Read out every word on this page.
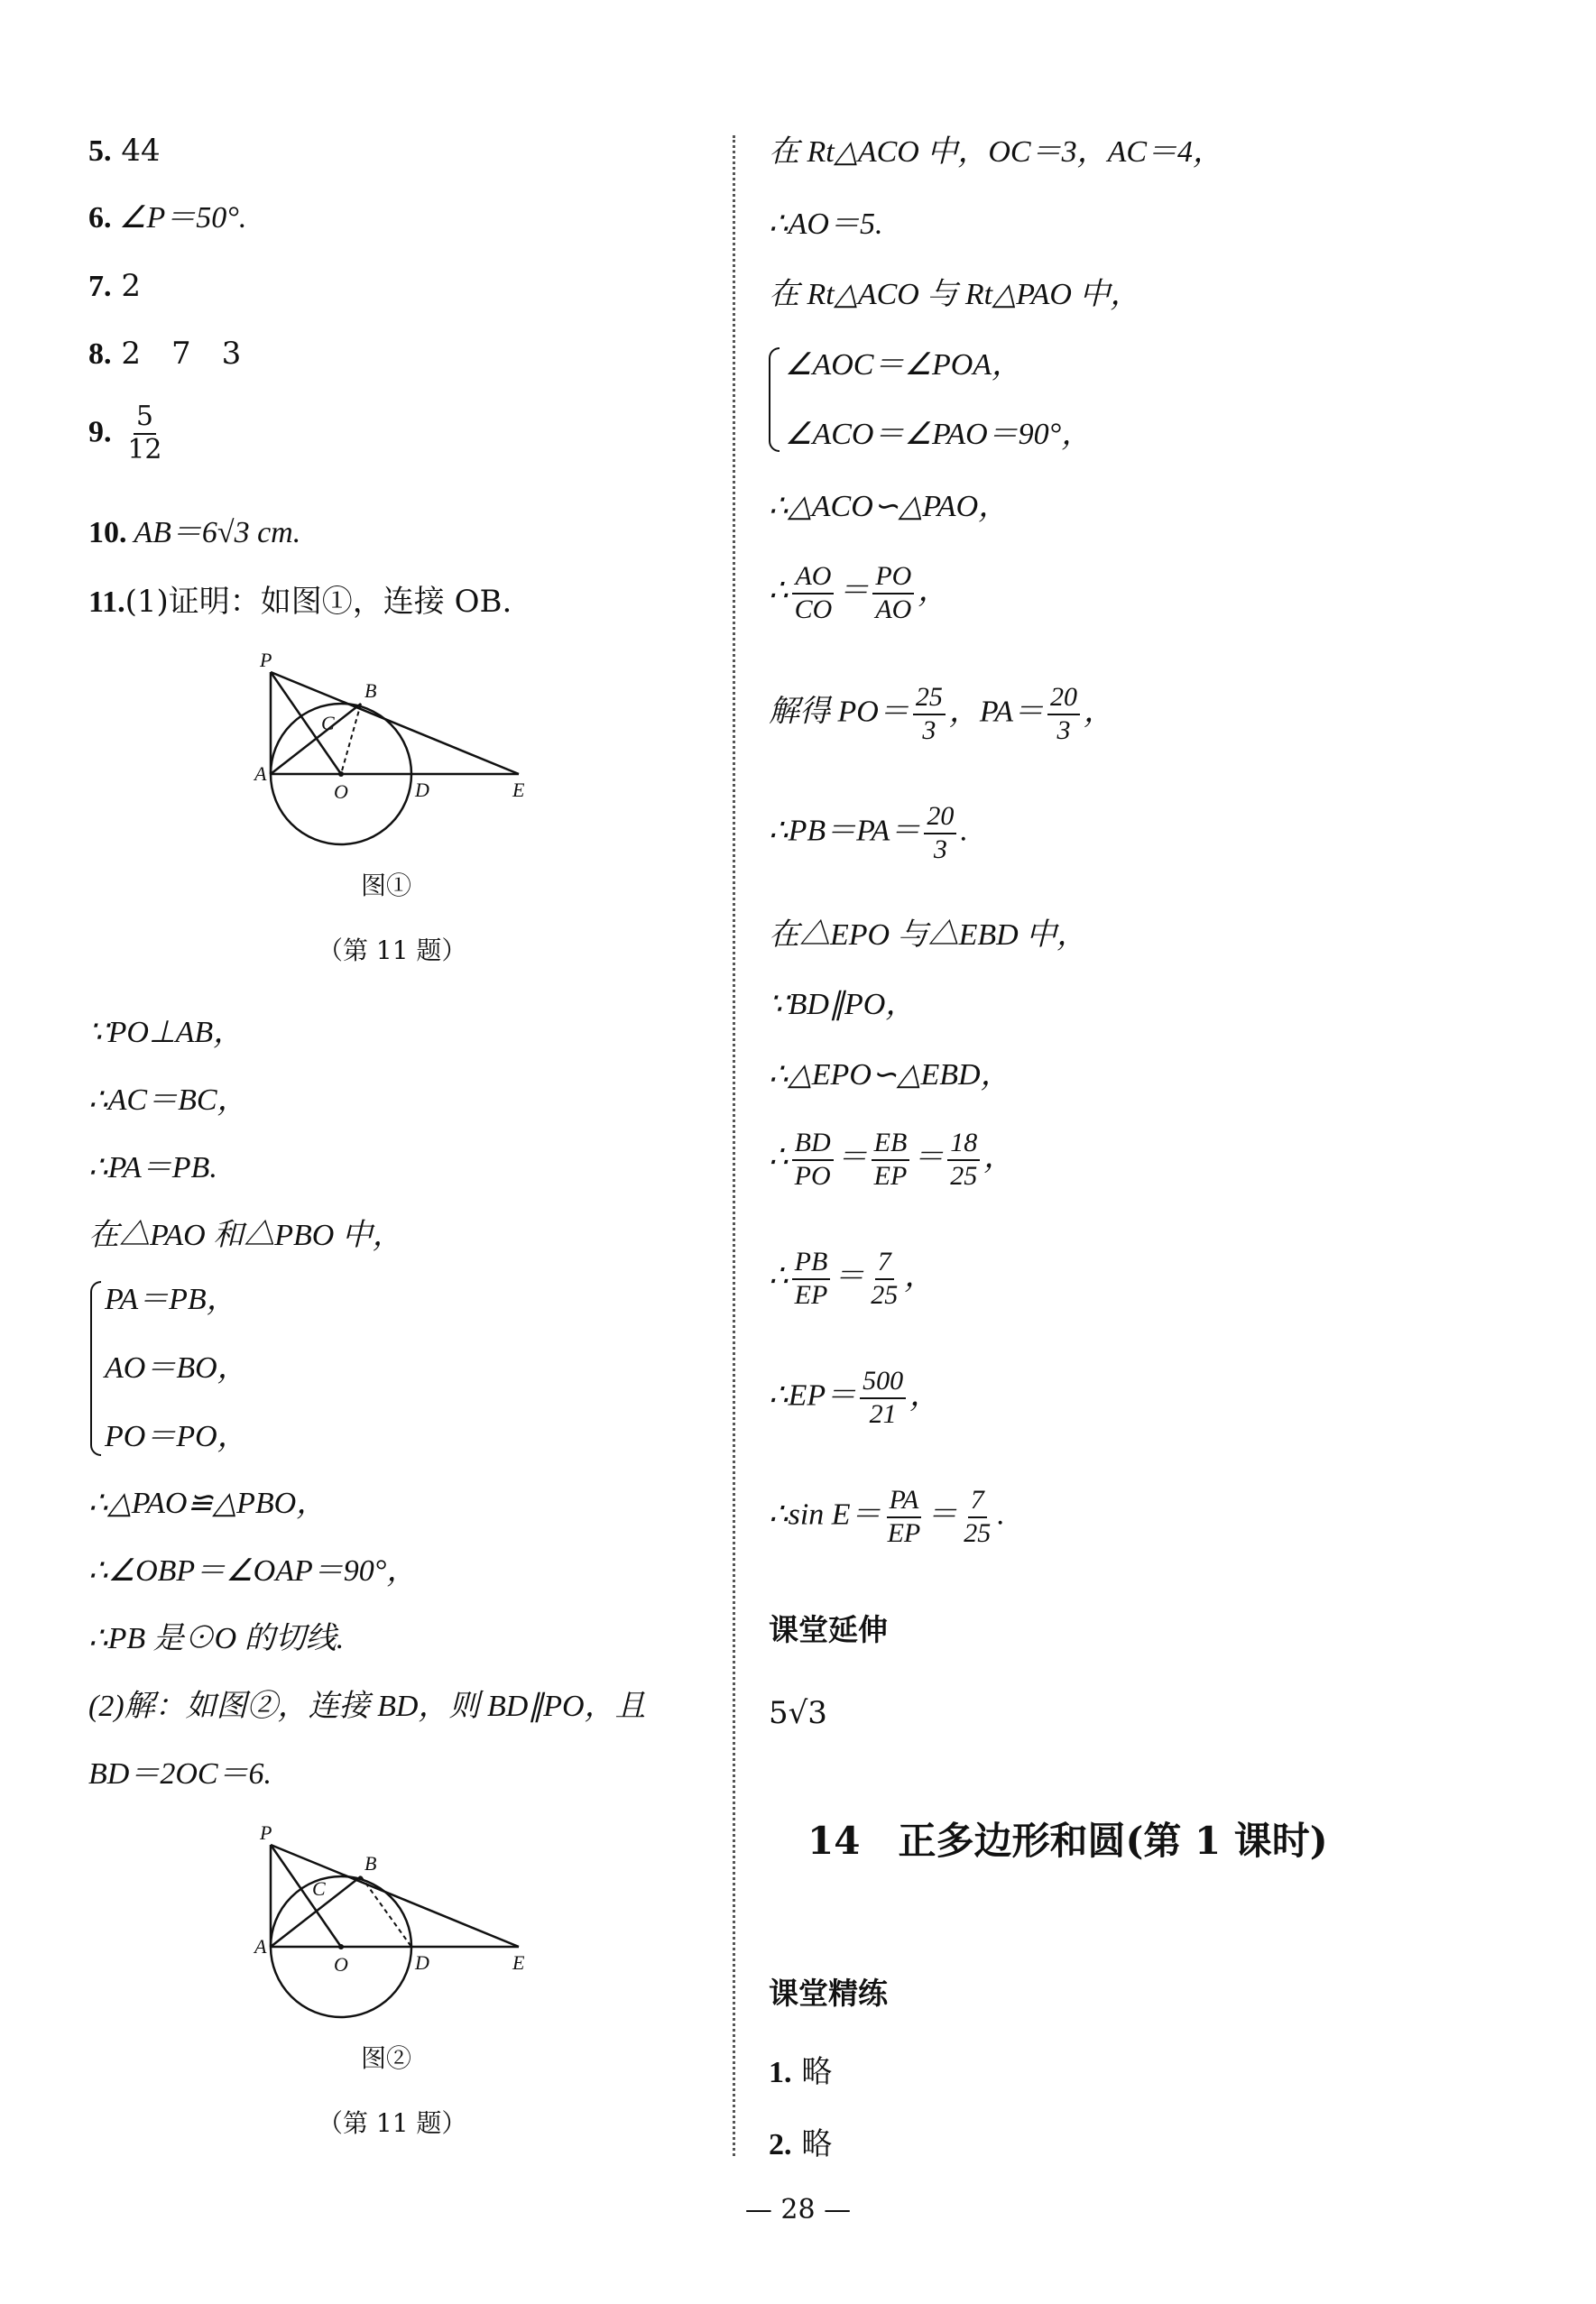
5. 44
6. ∠P＝50°.
7. 2
8. 2　7　3
9. $\frac{5}{12}$
10. AB＝6√3 cm.
11.(1)证明：如图①，连接 OB.
P
B
C
A
O	D	E
图①
（第 11 题）
∵PO⊥AB，
∴AC＝BC，
∴PA＝PB.
在△PAO 和△PBO 中，
PA＝PB，
AO＝BO，
PO＝PO，
∴△PAO≌△PBO，
∴∠OBP＝∠OAP＝90°，
∴PB 是⊙O 的切线.
(2)解：如图②，连接 BD，则 BD∥PO，且
BD＝2OC＝6.
P
B
C
A
O	D	E
图②
（第 11 题）
在 Rt△ACO 中，OC＝3，AC＝4，
∴AO＝5.
在 Rt△ACO 与 Rt△PAO 中，
∠AOC＝∠POA，
∠ACO＝∠PAO＝90°，
∴△ACO∽△PAO，
∴ $\frac{AO}{CO} = \frac{PO}{AO}$ ，
解得 $PO= \frac{25}{3}$ ，$PA= \frac{20}{3}$ ，
∴PB＝PA＝ $\frac{20}{3}$ .
在△EPO 与△EBD 中，
∵BD∥PO，
∴△EPO∽△EBD，
∴ $\frac{BD}{PO} = \frac{EB}{EP} = \frac{18}{25}$ ，
∴ $\frac{PB}{EP} = \frac{7}{25}$ ，
∴EP＝ $\frac{500}{21}$ ，
∴sin $E= \frac{PA}{EP} = \frac{7}{25}$ .
课堂延伸
5√3
14　正多边形和圆(第 1 课时)
课堂精练
1. 略
2. 略
— 28 —
